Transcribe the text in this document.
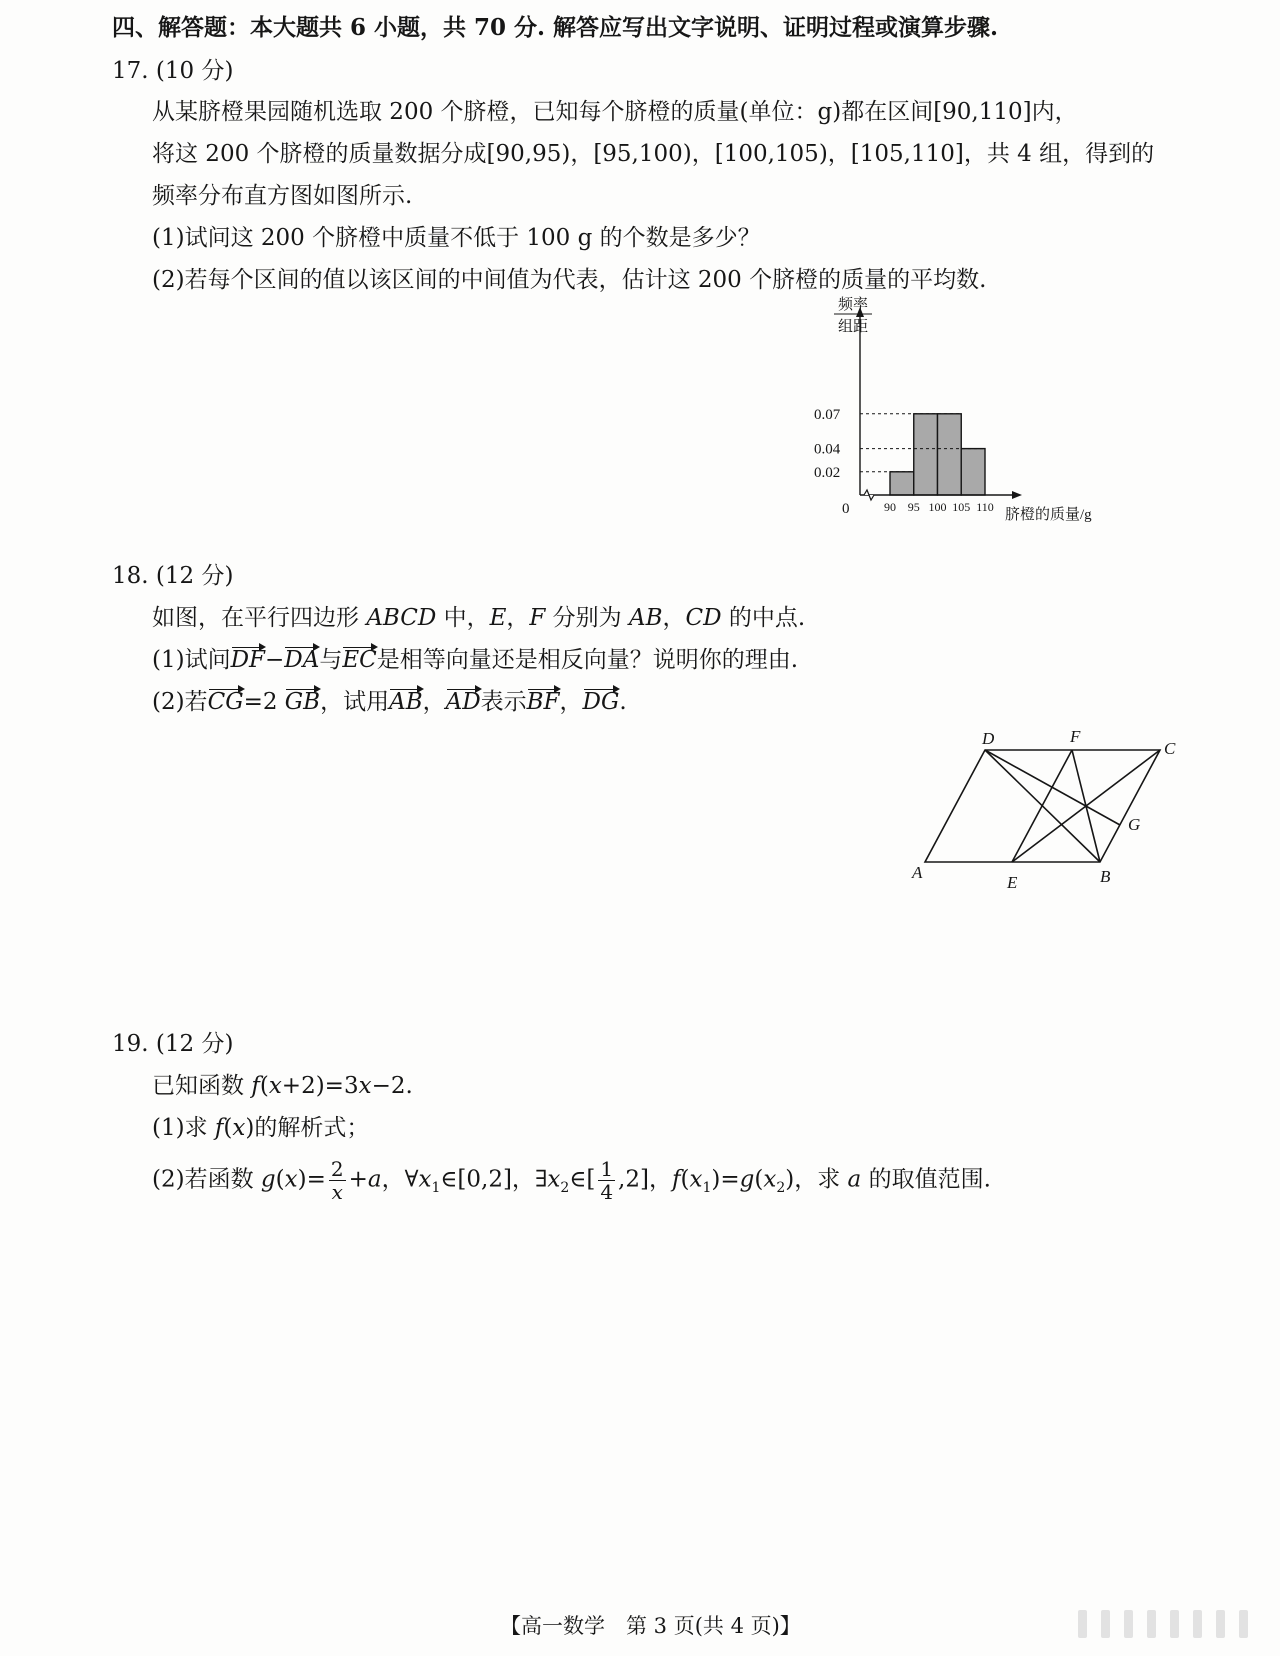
四、解答题：本大题共 6 小题，共 70 分. 解答应写出文字说明、证明过程或演算步骤.
17. (10 分)
从某脐橙果园随机选取 200 个脐橙，已知每个脐橙的质量(单位：g)都在区间[90,110]内，
将这 200 个脐橙的质量数据分成[90,95)，[95,100)，[100,105)，[105,110]，共 4 组，得到的
频率分布直方图如图所示.
(1)试问这 200 个脐橙中质量不低于 100 g 的个数是多少？
(2)若每个区间的值以该区间的中间值为代表，估计这 200 个脐橙的质量的平均数.
0
0.02
0.04
0.07
频率
组距
90 95 100 105 110 脐橙的质量/g
18. (12 分)
如图，在平行四边形 ABCD 中，E，F 分别为 AB，CD 的中点.
(1)试问DF−DA与EC是相等向量还是相反向量？说明你的理由.
(2)若CG=2 GB，试用AB，AD表示BF，DG.
D	F
C
G
B
E
A
19. (12 分)
已知函数 f(x+2)=3x−2.
(1)求 f(x)的解析式；
(2)若函数 $g(x)= \frac{2}{x} +a$，$\forall x_1\in[0,2]$，$\exists x_2\in[ \frac{1}{4} ,2]$，$f(x_1)=g(x_2)$，求 a 的取值范围.
【高一数学　第 3 页(共 4 页)】
